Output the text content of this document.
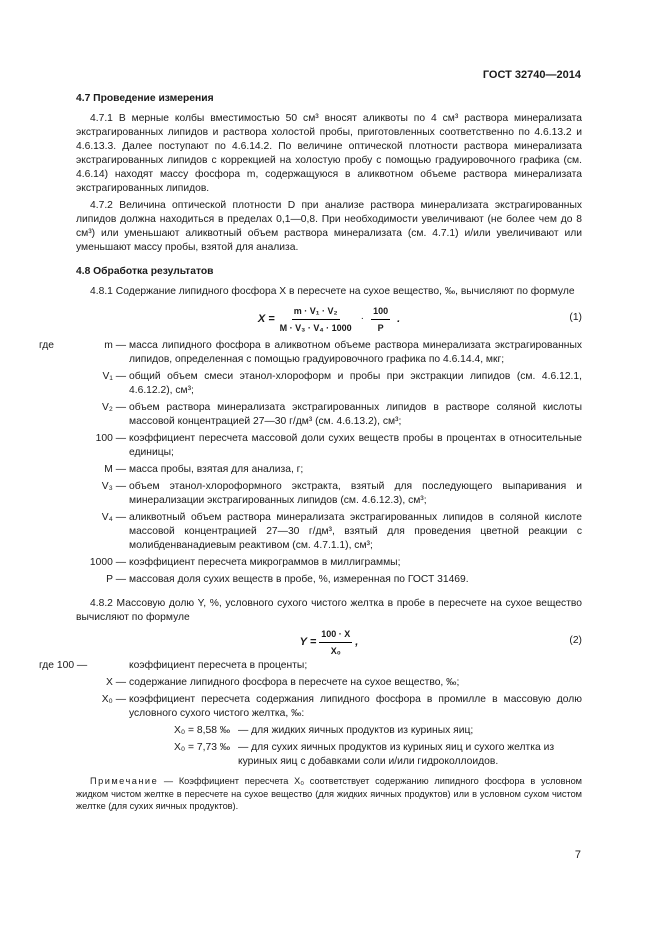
ГОСТ 32740—2014
4.7 Проведение измерения

4.7.1 В мерные колбы вместимостью 50 см³ вносят аликвоты по 4 см³ раствора минерализата экстрагированных липидов и раствора холостой пробы, приготовленных соответственно по 4.6.13.2 и 4.6.13.3. Далее поступают по 4.6.14.2. По величине оптической плотности раствора минерализата экстрагированных липидов с коррекцией на холостую пробу с помощью градуировочного графика (см. 4.6.14) находят массу фосфора m, содержащуюся в аликвотном объеме раствора минерализата экстрагированных липидов.

4.7.2 Величина оптической плотности D при анализе раствора минерализата экстрагированных липидов должна находиться в пределах 0,1—0,8. При необходимости увеличивают (не более чем до 8 см³) или уменьшают аликвотный объем раствора минерализата (см. 4.7.1) и/или увеличивают или уменьшают массу пробы, взятой для анализа.

4.8 Обработка результатов

4.8.1 Содержание липидного фосфора X в пересчете на сухое вещество, ‰, вычисляют по формуле

$X = \frac{\text{m · V₁ · V₂}}{\text{M · V₃ · V₄ · 1000}} \cdot \frac{100}{P}$ .	(1)
где	m — масса липидного фосфора в аликвотном объеме раствора минерализата экстрагированных липидов, определенная с помощью градуировочного графика по 4.6.14.4, мкг;
V₁ — общий объем смеси этанол-хлороформ и пробы при экстракции липидов (см. 4.6.12.1, 4.6.12.2), см³;
V₂ — объем раствора минерализата экстрагированных липидов в растворе соляной кислоты массовой концентрацией 27—30 г/дм³ (см. 4.6.13.2), см³;
100 — коэффициент пересчета массовой доли сухих веществ пробы в процентах в относительные единицы;
M — масса пробы, взятая для анализа, г;
V₃ — объем этанол-хлороформного экстракта, взятый для последующего выпаривания и минерализации экстрагированных липидов (см. 4.6.12.3), см³;
V₄ — аликвотный объем раствора минерализата экстрагированных липидов в соляной кислоте массовой концентрацией 27—30 г/дм³, взятый для проведения цветной реакции с молибденванадиевым реактивом (см. 4.7.1.1), см³;
1000 — коэффициент пересчета микрограммов в миллиграммы;
P — массовая доля сухих веществ в пробе, %, измеренная по ГОСТ 31469.

4.8.2 Массовую долю Y, %, условного сухого чистого желтка в пробе в пересчете на сухое вещество вычисляют по формуле

$Y = \frac{100 \cdot X}{\text{X₀}}$ ,	(2)
где 100 —	коэффициент пересчета в проценты;
X — содержание липидного фосфора в пересчете на сухое вещество, ‰;
X₀ — коэффициент пересчета содержания липидного фосфора в промилле в массовую долю условного сухого чистого желтка, ‰:
X₀ = 8,58 ‰ — для жидких яичных продуктов из куриных яиц;
X₀ = 7,73 ‰ — для сухих яичных продуктов из куриных яиц и сухого желтка из куриных яиц с добавками соли и/или гидроколлоидов.

Примечание — Коэффициент пересчета X₀ соответствует содержанию липидного фосфора в условном жидком чистом желтке в пересчете на сухое вещество (для жидких яичных продуктов) или в условном сухом чистом желтке (для сухих яичных продуктов).

7
